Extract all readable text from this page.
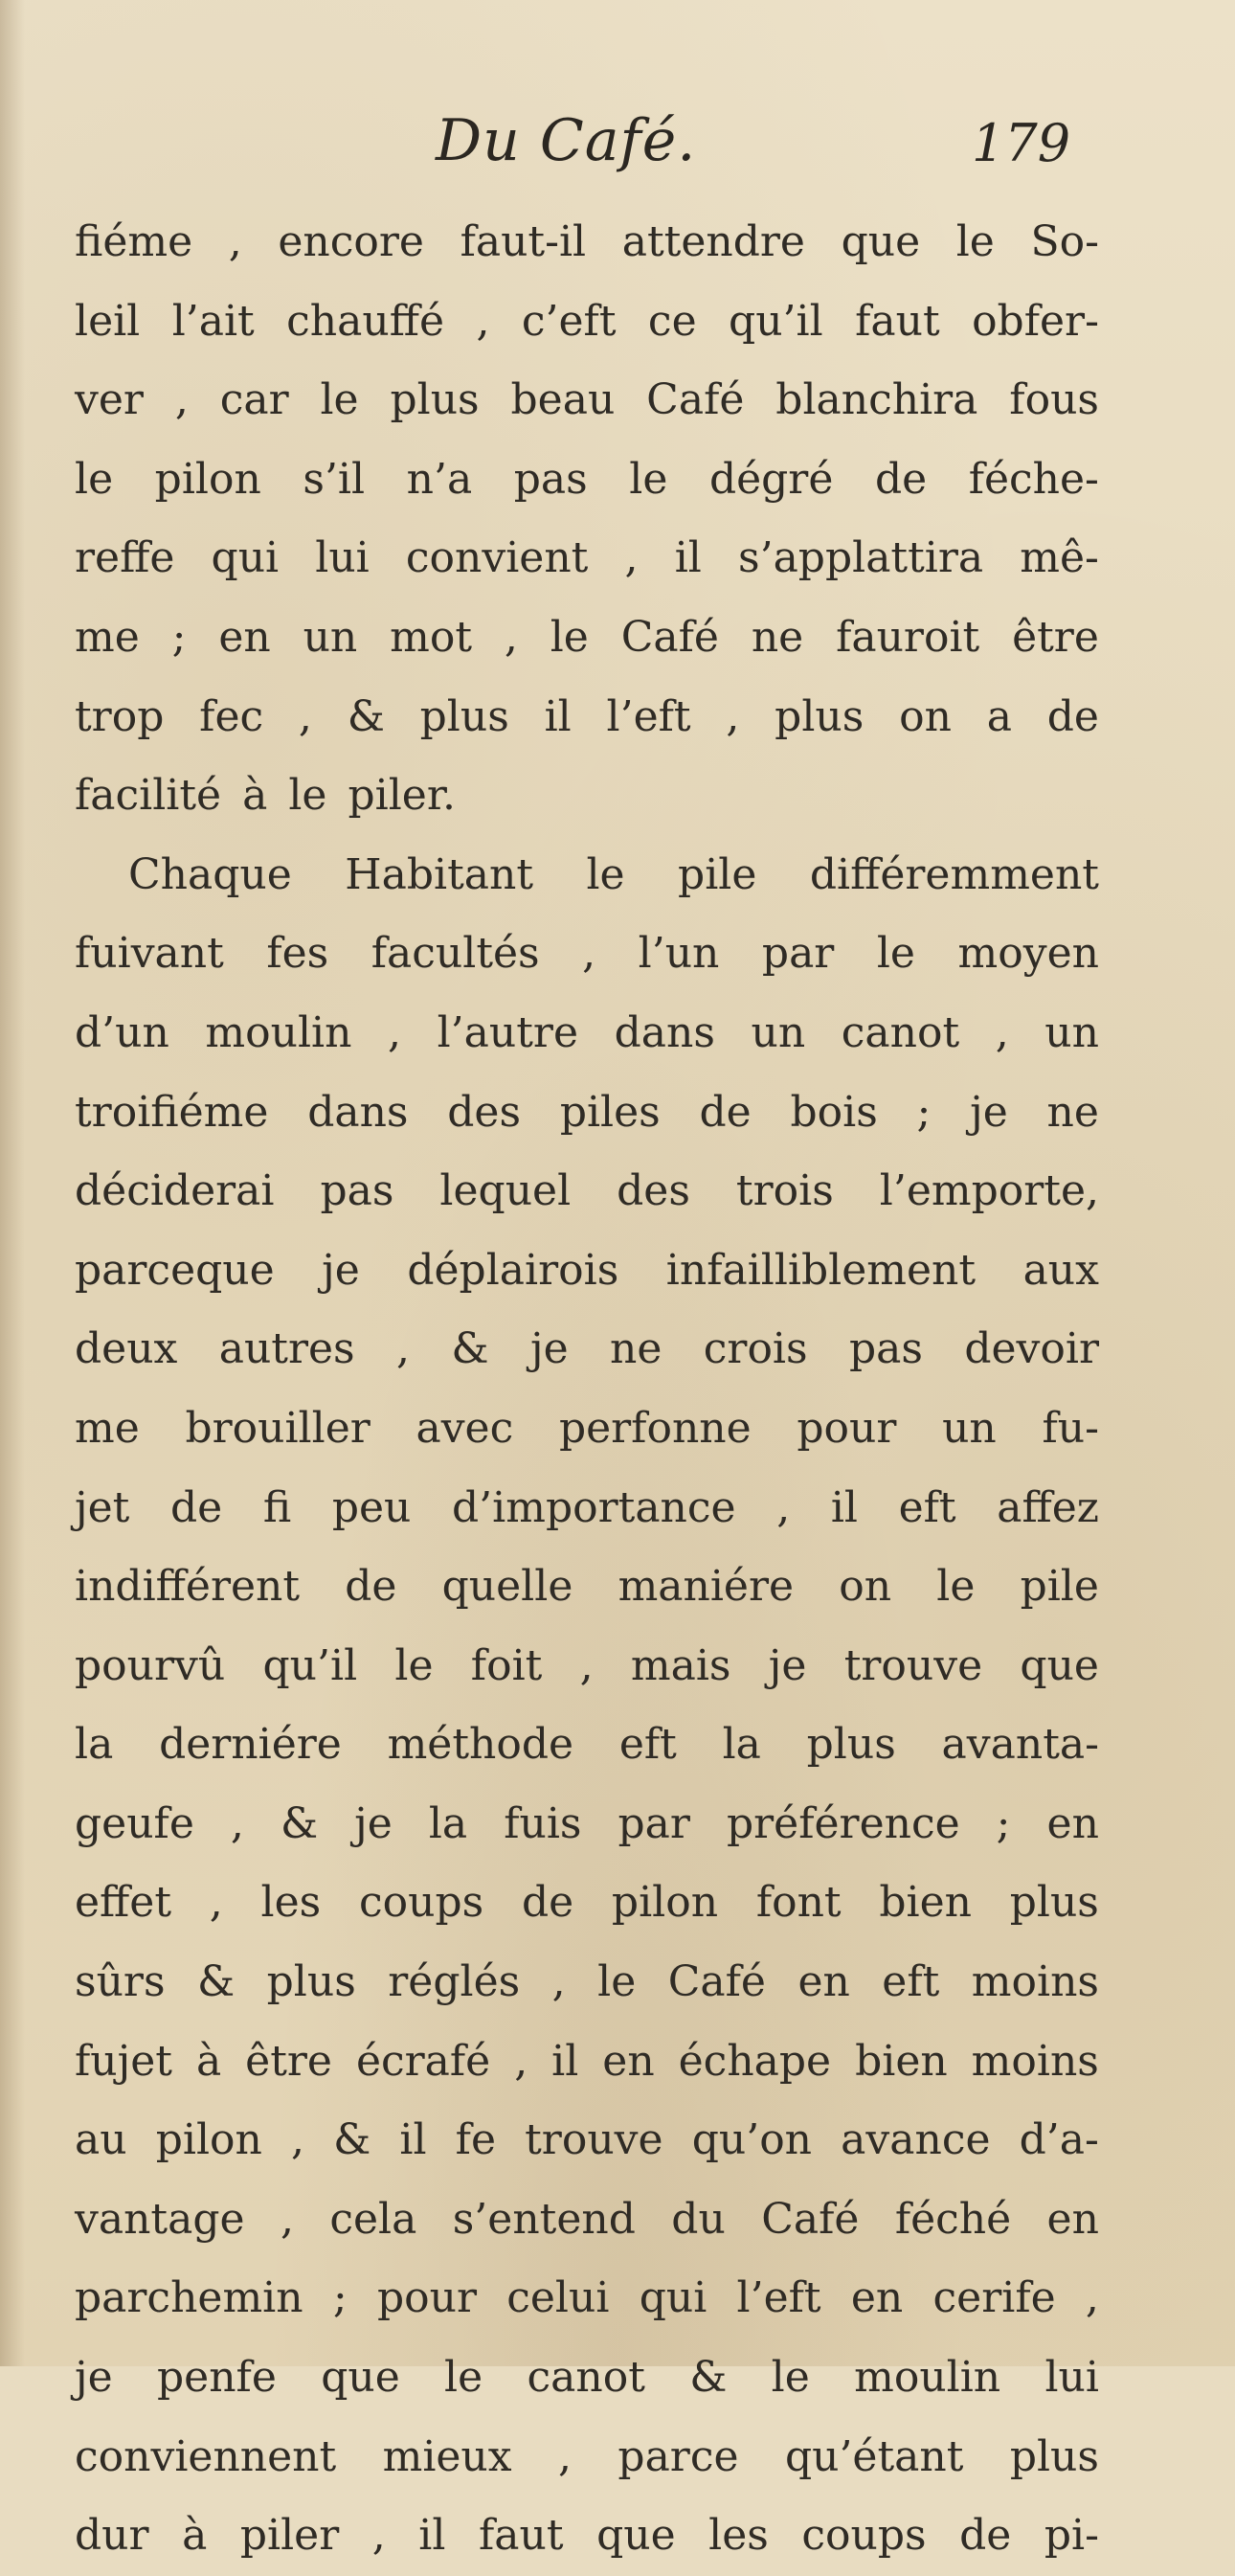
Du Café.	179
fiéme , encore faut-il attendre que le So-
leil l’ait chauffé , c’eft ce qu’il faut obfer-
ver , car le plus beau Café blanchira fous
le pilon s’il n’a pas le dégré de féche-
reffe qui lui convient , il s’applattira mê-
me ; en un mot , le Café ne fauroit être
trop fec , & plus il l’eft , plus on a de
facilité à le piler.
Chaque Habitant le pile différemment
fuivant fes facultés , l’un par le moyen
d’un moulin , l’autre dans un canot , un
troifiéme dans des piles de bois ; je ne
déciderai pas lequel des trois l’emporte,
parceque je déplairois infailliblement aux
deux autres , & je ne crois pas devoir
me brouiller avec perfonne pour un fu-
jet de fi peu d’importance , il eft affez
indifférent de quelle maniére on le pile
pourvû qu’il le foit , mais je trouve que
la derniére méthode eft la plus avanta-
geufe , & je la fuis par préférence ; en
effet , les coups de pilon font bien plus
sûrs & plus réglés , le Café en eft moins
fujet à être écrafé , il en échape bien moins
au pilon , & il fe trouve qu’on avance d’a-
vantage , cela s’entend du Café féché en
parchemin ; pour celui qui l’eft en cerife ,
je penfe que le canot & le moulin lui
conviennent mieux , parce qu’étant plus
dur à piler , il faut que les coups de pi-
